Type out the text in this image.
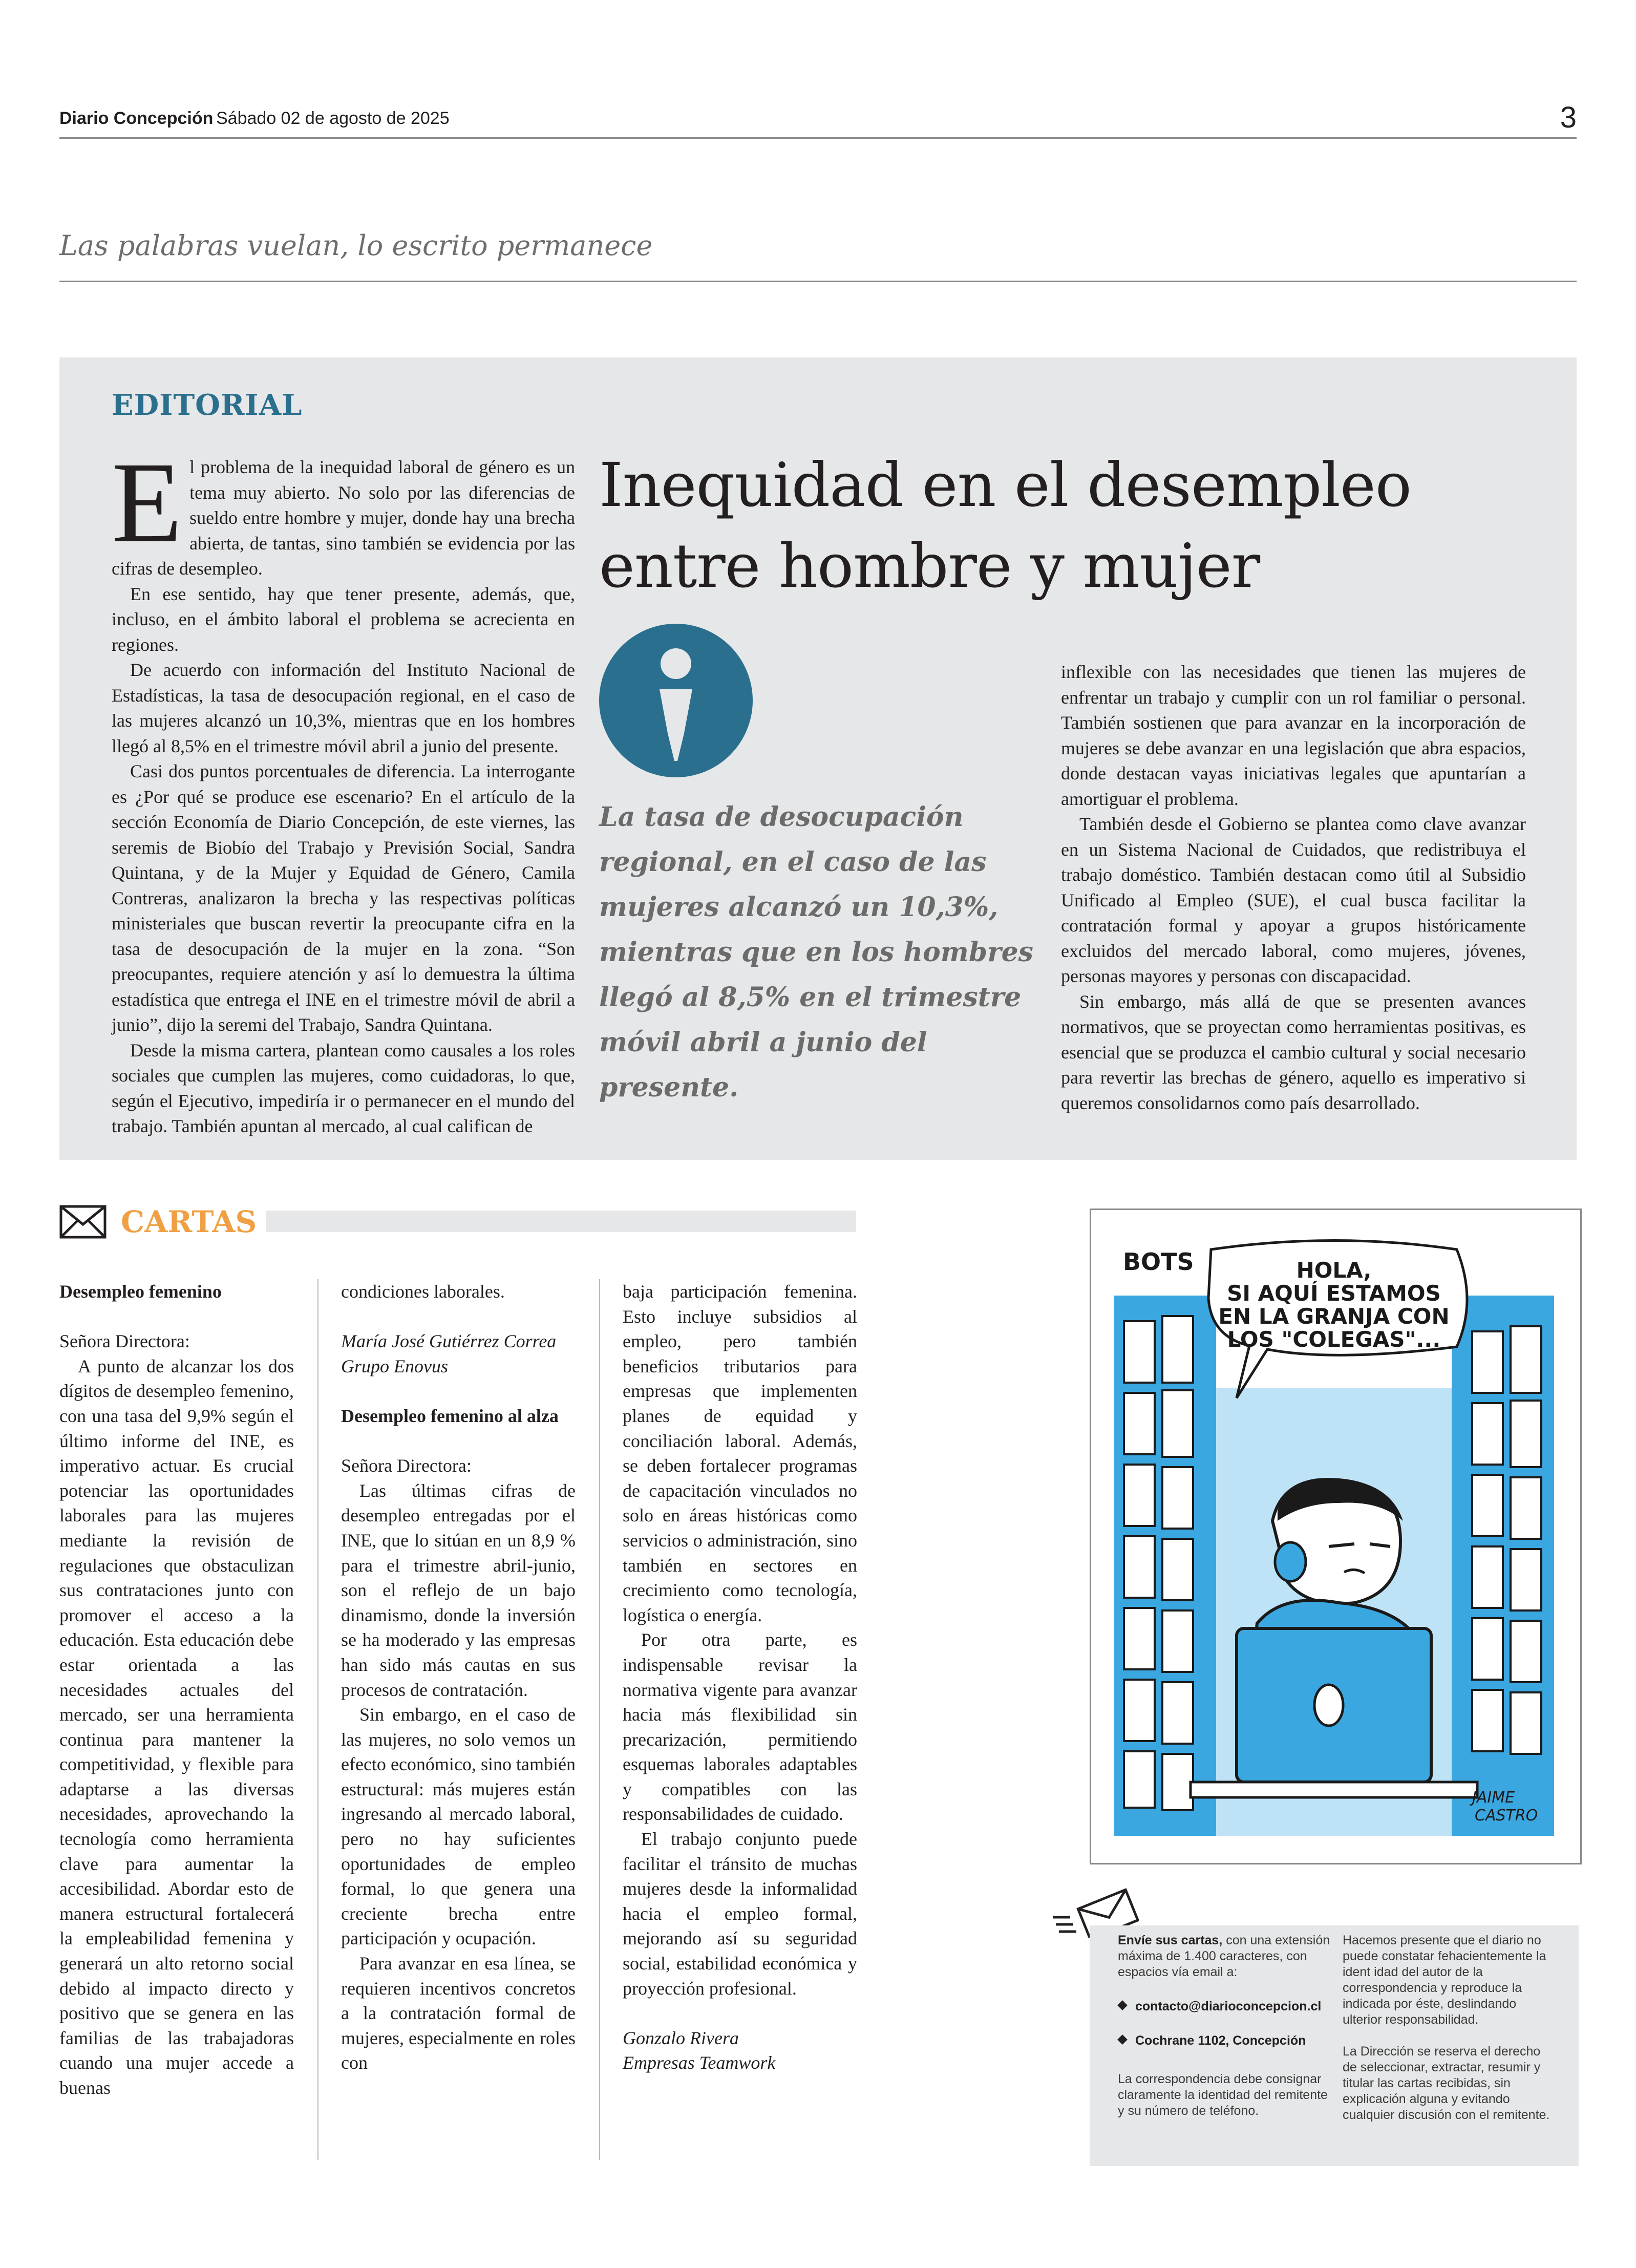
Diario Concepción Sábado 02 de agosto de 2025	3
Las palabras vuelan, lo escrito permanece
EDITORIAL

El problema de la inequidad laboral de género es un tema muy abierto. No solo por las diferencias de sueldo entre hombre y mujer, donde hay una brecha abierta, de tantas, sino también se evidencia por las cifras de desempleo.

En ese sentido, hay que tener presente, además, que, incluso, en el ámbito laboral el problema se acrecienta en regiones.

De acuerdo con información del Instituto Nacional de Estadísticas, la tasa de desocupación regional, en el caso de las mujeres alcanzó un 10,3%, mientras que en los hombres llegó al 8,5% en el trimestre móvil abril a junio del presente.

Casi dos puntos porcentuales de diferencia. La interrogante es ¿Por qué se produce ese escenario? En el artículo de la sección Economía de Diario Concepción, de este viernes, las seremis de Biobío del Trabajo y Previsión Social, Sandra Quintana, y de la Mujer y Equidad de Género, Camila Contreras, analizaron la brecha y las respectivas políticas ministeriales que buscan revertir la preocupante cifra en la tasa de desocupación de la mujer en la zona. “Son preocupantes, requiere atención y así lo demuestra la última estadística que entrega el INE en el trimestre móvil de abril a junio”, dijo la seremi del Trabajo, Sandra Quintana.

Desde la misma cartera, plantean como causales a los roles sociales que cumplen las mujeres, como cuidadoras, lo que, según el Ejecutivo, impediría ir o permanecer en el mundo del trabajo. También apuntan al mercado, al cual califican de

Inequidad en el desempleo entre hombre y mujer
La tasa de desocupación regional, en el caso de las mujeres alcanzó un 10,3%, mientras que en los hombres llegó al 8,5% en el trimestre móvil abril a junio del presente.

inflexible con las necesidades que tienen las mujeres de enfrentar un trabajo y cumplir con un rol familiar o personal. También sostienen que para avanzar en la incorporación de mujeres se debe avanzar en una legislación que abra espacios, donde destacan vayas iniciativas legales que apuntarían a amortiguar el problema.

También desde el Gobierno se plantea como clave avanzar en un Sistema Nacional de Cuidados, que redistribuya el trabajo doméstico. También destacan como útil al Subsidio Unificado al Empleo (SUE), el cual busca facilitar la contratación formal y apoyar a grupos históricamente excluidos del mercado laboral, como mujeres, jóvenes, personas mayores y personas con discapacidad.

Sin embargo, más allá de que se presenten avances normativos, que se proyectan como herramientas positivas, es esencial que se produzca el cambio cultural y social necesario para revertir las brechas de género, aquello es imperativo si queremos consolidarnos como país desarrollado.

CARTAS

Desempleo femenino

Señora Directora:

A punto de alcanzar los dos dígitos de desempleo femenino, con una tasa del 9,9% según el último informe del INE, es imperativo actuar. Es crucial potenciar las oportunidades laborales para las mujeres mediante la revisión de regulaciones que obstaculizan sus contrataciones junto con promover el acceso a la educación. Esta educación debe estar orientada a las necesidades actuales del mercado, ser una herramienta continua para mantener la competitividad, y flexible para adaptarse a las diversas necesidades, aprovechando la tecnología como herramienta clave para aumentar la accesibilidad. Abordar esto de manera estructural fortalecerá la empleabilidad femenina y generará un alto retorno social debido al impacto directo y positivo que se genera en las familias de las trabajadoras cuando una mujer accede a buenas

condiciones laborales.

María José Gutiérrez Correa

Grupo Enovus

Desempleo femenino al alza

Señora Directora:

Las últimas cifras de desempleo entregadas por el INE, que lo sitúan en un 8,9 % para el trimestre abril-junio, son el reflejo de un bajo dinamismo, donde la inversión se ha moderado y las empresas han sido más cautas en sus procesos de contratación.

Sin embargo, en el caso de las mujeres, no solo vemos un efecto económico, sino también estructural: más mujeres están ingresando al mercado laboral, pero no hay suficientes oportunidades de empleo formal, lo que genera una creciente brecha entre participación y ocupación.

Para avanzar en esa línea, se requieren incentivos concretos a la contratación formal de mujeres, especialmente en roles con

baja participación femenina. Esto incluye subsidios al empleo, pero también beneficios tributarios para empresas que implementen planes de equidad y conciliación laboral. Además, se deben fortalecer programas de capacitación vinculados no solo en áreas históricas como servicios o administración, sino también en sectores en crecimiento como tecnología, logística o energía.

Por otra parte, es indispensable revisar la normativa vigente para avanzar hacia más flexibilidad sin precarización, permitiendo esquemas laborales adaptables y compatibles con las responsabilidades de cuidado.

El trabajo conjunto puede facilitar el tránsito de muchas mujeres desde la informalidad hacia el empleo formal, mejorando así su seguridad social, estabilidad económica y proyección profesional.

Gonzalo Rivera

Empresas Teamwork

BOTS	HOLA,
SI AQUÍ ESTAMOS
EN LA GRANJA CON
LOS "COLEGAS"...
JAIME
CASTRO

Envíe sus cartas, con una extensión máxima de 1.400 caracteres, con espacios vía email a:

contacto@diarioconcepcion.cl

Cochrane 1102, Concepción

La correspondencia debe consignar claramente la identidad del remitente y su número de teléfono.

Hacemos presente que el diario no puede constatar fehacientemente la ident idad del autor de la correspondencia y reproduce la indicada por éste, deslindando ulterior responsabilidad.

La Dirección se reserva el derecho de seleccionar, extractar, resumir y titular las cartas recibidas, sin explicación alguna y evitando cualquier discusión con el remitente.
